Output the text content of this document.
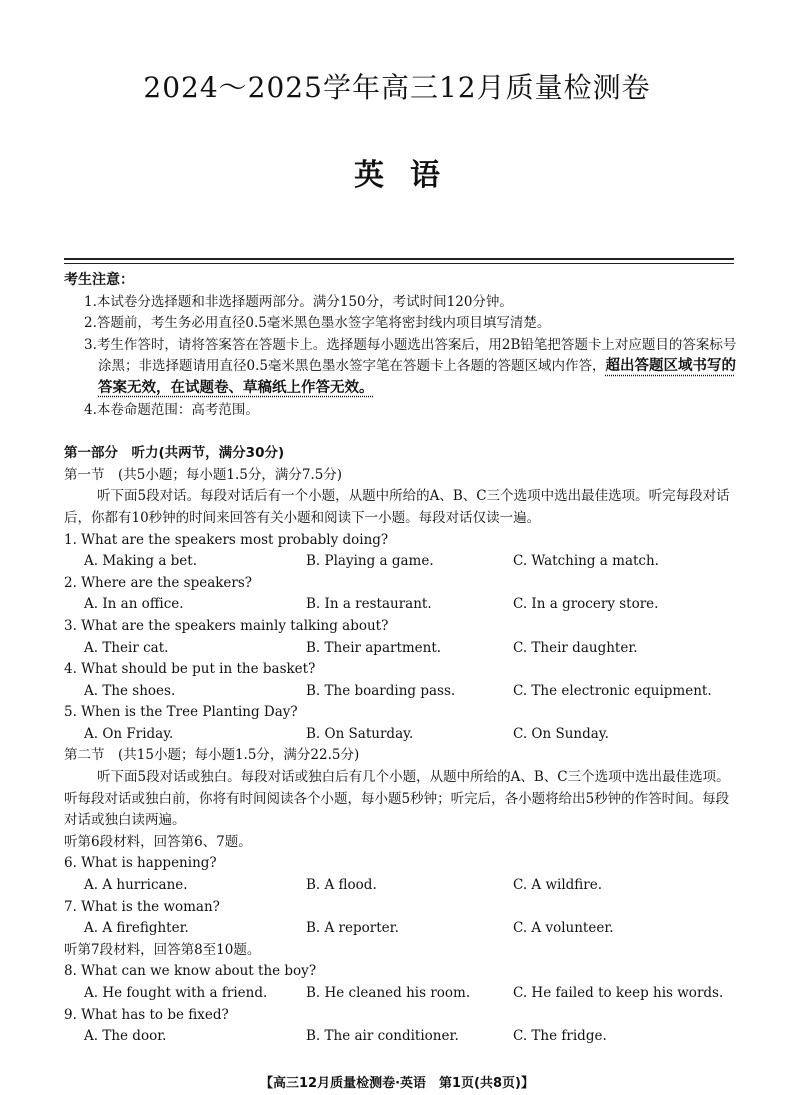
2024～2025学年高三12月质量检测卷
英语

考生注意：

1.本试卷分选择题和非选择题两部分。满分150分，考试时间120分钟。

2.答题前，考生务必用直径0.5毫米黑色墨水签字笔将密封线内项目填写清楚。

3.考生作答时，请将答案答在答题卡上。选择题每小题选出答案后，用2B铅笔把答题卡上对应题目的答案标号涂黑；非选择题请用直径0.5毫米黑色墨水签字笔在答题卡上各题的答题区域内作答，超出答题区域书写的答案无效，在试题卷、草稿纸上作答无效。

4.本卷命题范围：高考范围。

第一部分　听力(共两节，满分30分)

第一节　(共5小题；每小题1.5分，满分7.5分)

听下面5段对话。每段对话后有一个小题，从题中所给的A、B、C三个选项中选出最佳选项。听完每段对话后，你都有10秒钟的时间来回答有关小题和阅读下一小题。每段对话仅读一遍。

1. What are the speakers most probably doing?

A. Making a bet.	B. Playing a game.	C. Watching a match.

2. Where are the speakers?

A. In an office.	B. In a restaurant.	C. In a grocery store.

3. What are the speakers mainly talking about?

A. Their cat.	B. Their apartment.	C. Their daughter.

4. What should be put in the basket?

A. The shoes.	B. The boarding pass.	C. The electronic equipment.

5. When is the Tree Planting Day?

A. On Friday.	B. On Saturday.	C. On Sunday.

第二节　(共15小题；每小题1.5分，满分22.5分)

听下面5段对话或独白。每段对话或独白后有几个小题，从题中所给的A、B、C三个选项中选出最佳选项。听每段对话或独白前，你将有时间阅读各个小题，每小题5秒钟；听完后，各小题将给出5秒钟的作答时间。每段对话或独白读两遍。

听第6段材料，回答第6、7题。

6. What is happening?

A. A hurricane.	B. A flood.	C. A wildfire.

7. What is the woman?

A. A firefighter.	B. A reporter.	C. A volunteer.

听第7段材料，回答第8至10题。

8. What can we know about the boy?

A. He fought with a friend.	B. He cleaned his room.	C. He failed to keep his words.

9. What has to be fixed?

A. The door.	B. The air conditioner.	C. The fridge.
【高三12月质量检测卷·英语　第1页(共8页)】
